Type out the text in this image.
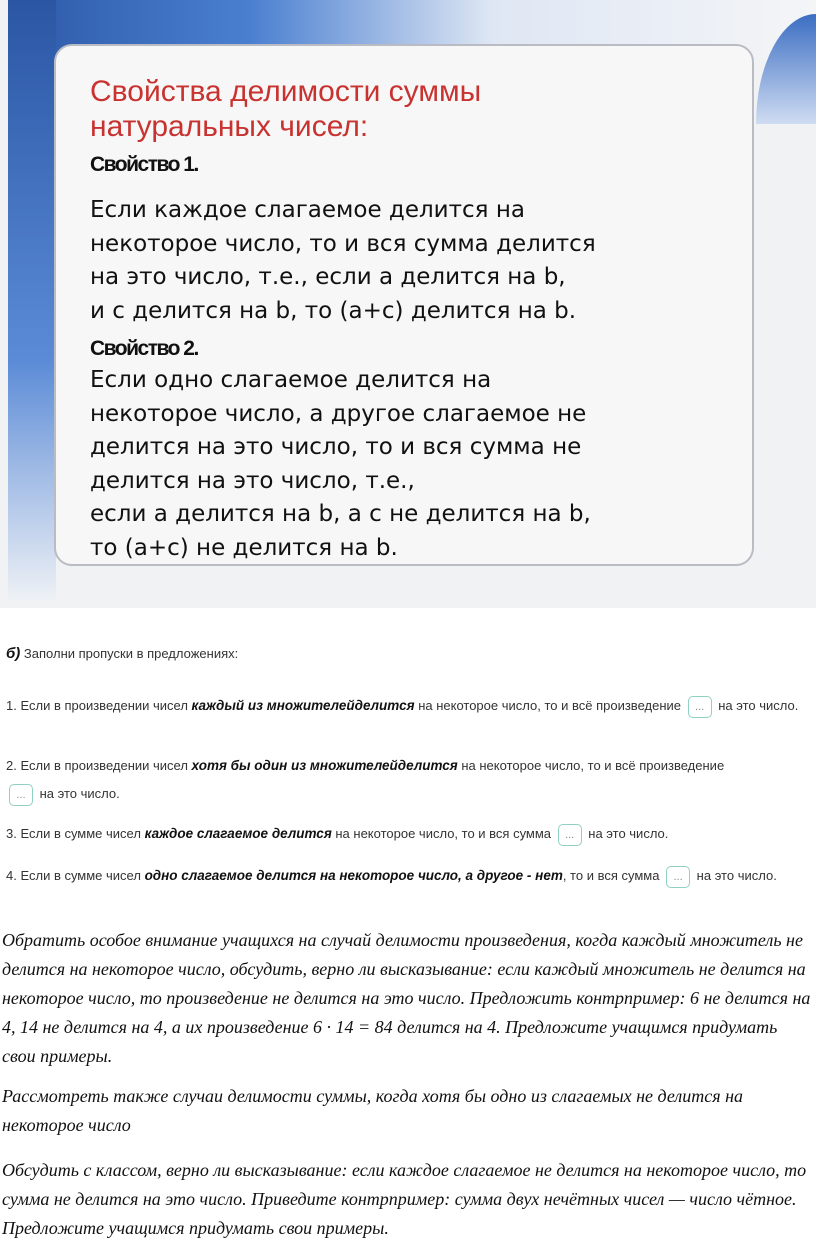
Свойства делимости суммы
натуральных чисел:
Свойство 1.
Если каждое слагаемое делится на
некоторое число, то и вся сумма делится
на это число, т.е., если а делится на b,
и с делится на b, то (а+с) делится на b.
Свойство 2.
Если одно слагаемое делится на
некоторое число, а другое слагаемое не
делится на это число, то и вся сумма не
делится на это число, т.е.,
если а делится на b, а с не делится на b,
то (а+с) не делится на b.
б) Заполни пропуски в предложениях:
1. Если в произведении чисел каждый из множителейделится на некоторое число, то и всё произведение ... на это число.
2. Если в произведении чисел хотя бы один из множителейделится на некоторое число, то и всё произведение
... на это число.
3. Если в сумме чисел каждое слагаемое делится на некоторое число, то и вся сумма ... на это число.
4. Если в сумме чисел одно слагаемое делится на некоторое число, а другое - нет, то и вся сумма ... на это число.
Обратить особое внимание учащихся на случай делимости произведения, когда каждый множитель не делится на некоторое число, обсудить, верно ли высказывание: если каждый множитель не делится на некоторое число, то произведение не делится на это число. Предложить контрпример: 6 не делится на 4, 14 не делится на 4, а их произведение 6 · 14 = 84 делится на 4. Предложите учащимся придумать свои примеры.
Рассмотреть также случаи делимости суммы, когда хотя бы одно из слагаемых не делится на некоторое число
Обсудить с классом, верно ли высказывание: если каждое слагаемое не делится на некоторое число, то сумма не делится на это число. Приведите контрпример: сумма двух нечётных чисел — число чётное. Предложите учащимся придумать свои примеры.
